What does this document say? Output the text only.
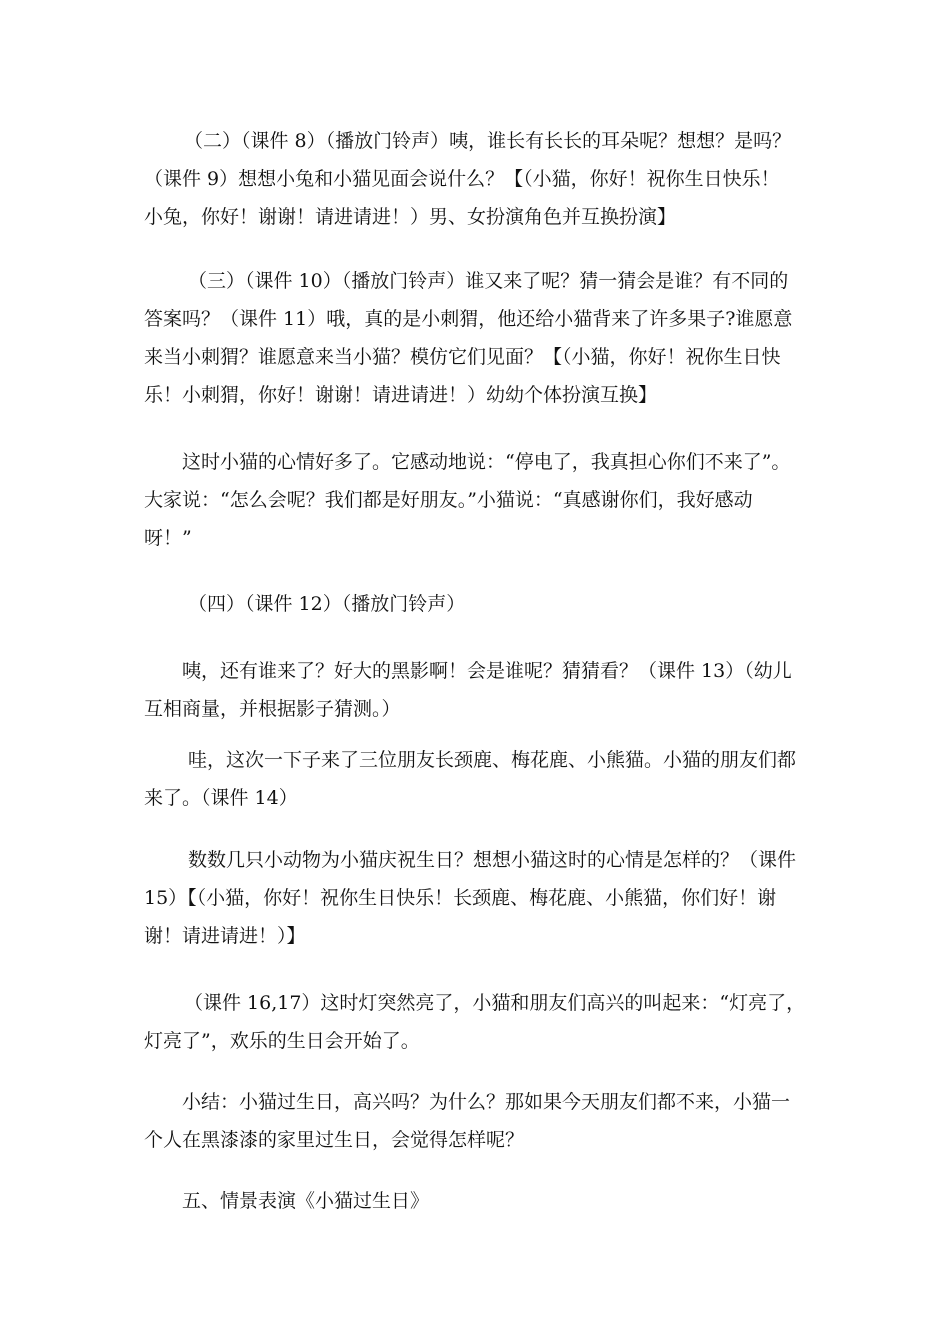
（二）（课件 8）（播放门铃声）咦，谁长有长长的耳朵呢？想想？是吗？
（课件 9）想想小兔和小猫见面会说什么？【（小猫，你好！祝你生日快乐！
小兔，你好！谢谢！请进请进！）男、女扮演角色并互换扮演】
（三）（课件 10）（播放门铃声）谁又来了呢？猜一猜会是谁？有不同的
答案吗？（课件 11）哦，真的是小刺猬，他还给小猫背来了许多果子?谁愿意
来当小刺猬？谁愿意来当小猫？模仿它们见面？【（小猫，你好！祝你生日快
乐！小刺猬，你好！谢谢！请进请进！）幼幼个体扮演互换】
这时小猫的心情好多了。它感动地说：“停电了，我真担心你们不来了”。
大家说：“怎么会呢？我们都是好朋友。”小猫说：“真感谢你们，我好感动
呀！”
（四）（课件 12）（播放门铃声）
咦，还有谁来了？好大的黑影啊！会是谁呢？猜猜看？（课件 13）（幼儿
互相商量，并根据影子猜测。）
哇，这次一下子来了三位朋友长颈鹿、梅花鹿、小熊猫。小猫的朋友们都
来了。（课件 14）
数数几只小动物为小猫庆祝生日？想想小猫这时的心情是怎样的？（课件
15）【（小猫，你好！祝你生日快乐！长颈鹿、梅花鹿、小熊猫，你们好！谢
谢！请进请进！）】
（课件 16,17）这时灯突然亮了，小猫和朋友们高兴的叫起来：“灯亮了，
灯亮了”，欢乐的生日会开始了。
小结：小猫过生日，高兴吗？为什么？那如果今天朋友们都不来，小猫一
个人在黑漆漆的家里过生日，会觉得怎样呢？
五、情景表演《小猫过生日》
